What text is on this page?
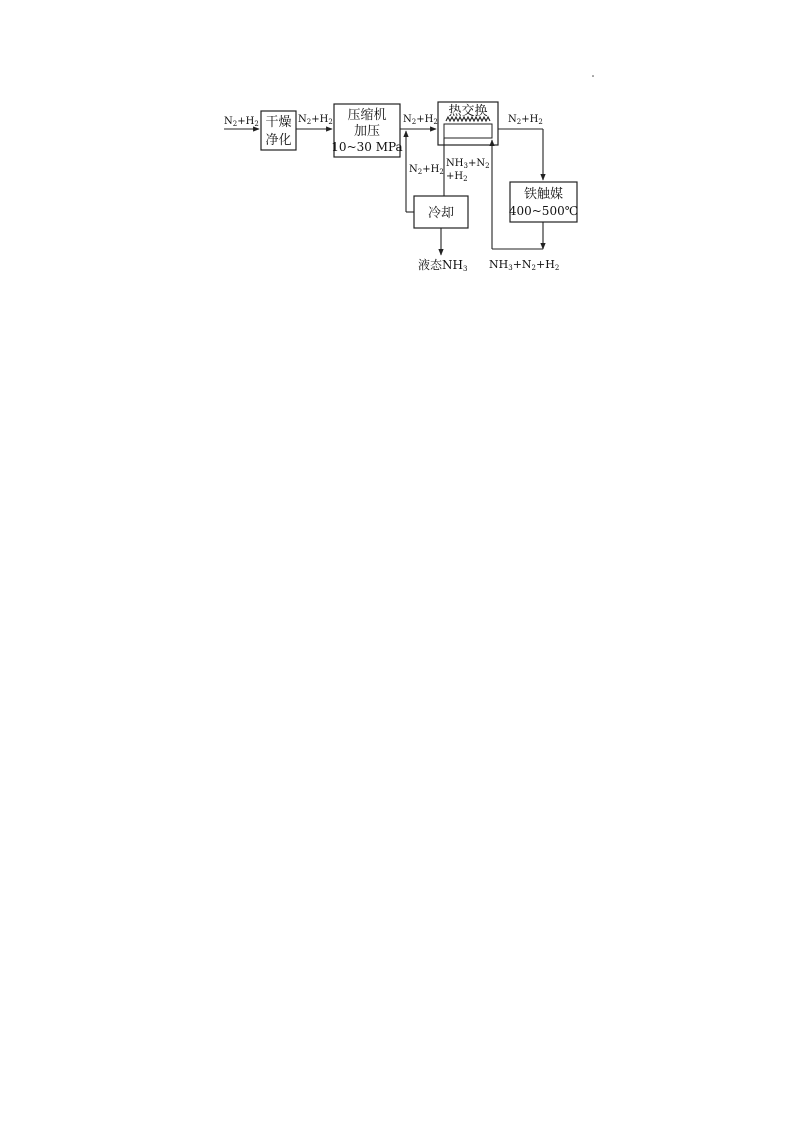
干燥
净化
压缩机
加压
10~30 MPa
热交换
铁触媒
400~500℃
冷却
$N_2+H_2$	$N_2+H_2$	$N_2+H_2$	$N_2+H_2$
$N_2+H_2$
$NH_3+N_2$
$+H_2$
液态NH3 NH3+N2+H2
